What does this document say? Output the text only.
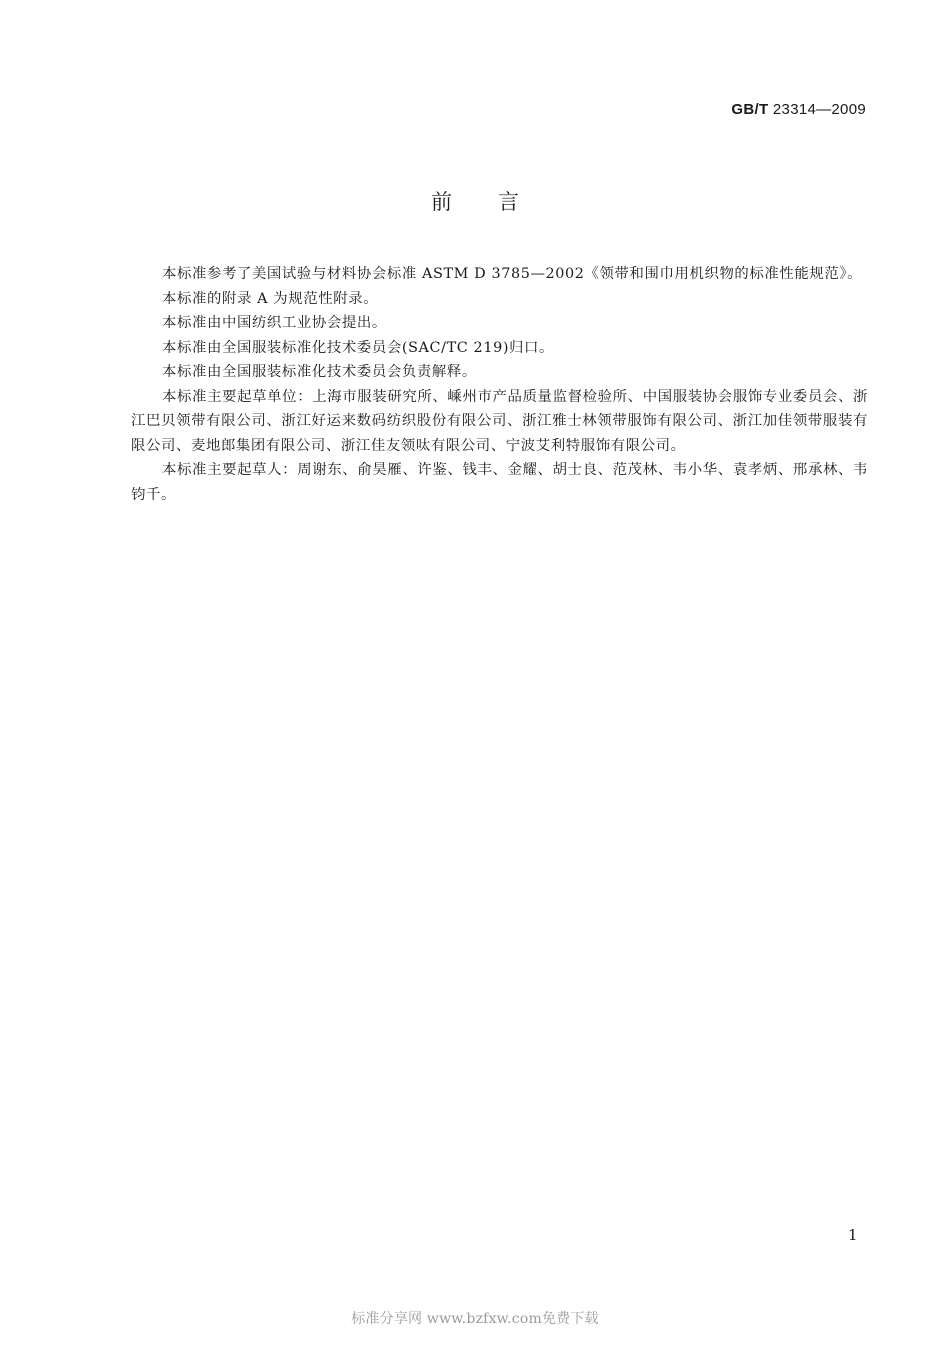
GB/T 23314—2009
前 言

本标准参考了美国试验与材料协会标准 ASTM D 3785—2002《领带和围巾用机织物的标准性能规范》。

本标准的附录 A 为规范性附录。

本标准由中国纺织工业协会提出。

本标准由全国服装标准化技术委员会(SAC/TC 219)归口。

本标准由全国服装标准化技术委员会负责解释。

本标准主要起草单位：上海市服装研究所、嵊州市产品质量监督检验所、中国服装协会服饰专业委员会、浙江巴贝领带有限公司、浙江好运来数码纺织股份有限公司、浙江雅士林领带服饰有限公司、浙江加佳领带服装有限公司、麦地郎集团有限公司、浙江佳友领呔有限公司、宁波艾利特服饰有限公司。

本标准主要起草人：周谢东、俞昊雁、许鉴、钱丰、金耀、胡士良、范茂林、韦小华、袁孝炳、邢承林、韦钧千。

1
标准分享网 www.bzfxw.com免费下载
